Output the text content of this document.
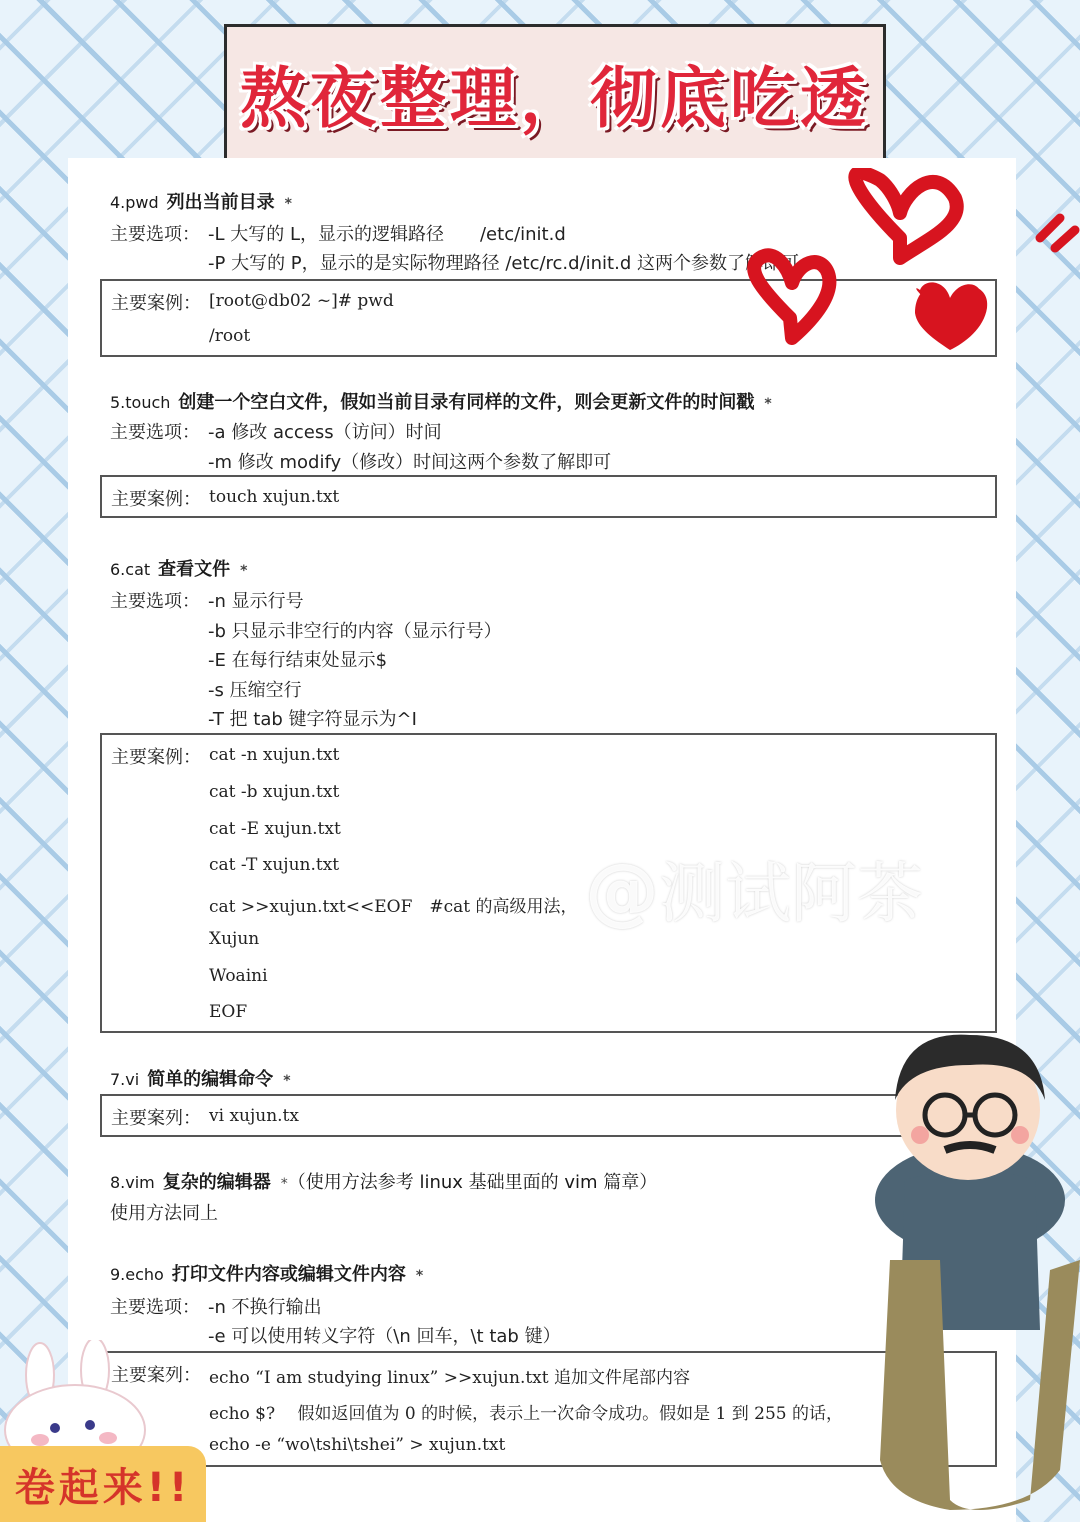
熬夜整理，彻底吃透
4.pwd 列出当前目录 *
主要选项： -L 大写的 L，显示的逻辑路径　　/etc/init.d
-P 大写的 P，显示的是实际物理路径 /etc/rc.d/init.d 这两个参数了解即可
主要案例： [root@db02 ~]# pwd
/root
5.touch 创建一个空白文件，假如当前目录有同样的文件，则会更新文件的时间戳 *
主要选项： -a 修改 access（访问）时间
-m 修改 modify（修改）时间这两个参数了解即可
主要案例： touch xujun.txt
6.cat 查看文件 *
主要选项： -n 显示行号
-b 只显示非空行的内容（显示行号）
-E 在每行结束处显示$
-s 压缩空行
-T 把 tab 键字符显示为^I
主要案例： cat -n xujun.txt
cat -b xujun.txt
cat -E xujun.txt
cat -T xujun.txt
cat >>xujun.txt<<EOF　#cat 的高级用法，
Xujun
Woaini
EOF
@测试阿茶
7.vi 简单的编辑命令 *
主要案列： vi xujun.tx
8.vim 复杂的编辑器 *（使用方法参考 linux 基础里面的 vim 篇章）
使用方法同上
9.echo 打印文件内容或编辑文件内容 *
主要选项： -n 不换行输出
-e 可以使用转义字符（\n 回车，\t tab 键）
主要案列： echo “I am studying linux” >>xujun.txt 追加文件尾部内容
echo $? 　假如返回值为 0 的时候，表示上一次命令成功。假如是 1 到 255 的话，
echo -e “wo\tshi\tshei” > xujun.txt
卷起来!!
